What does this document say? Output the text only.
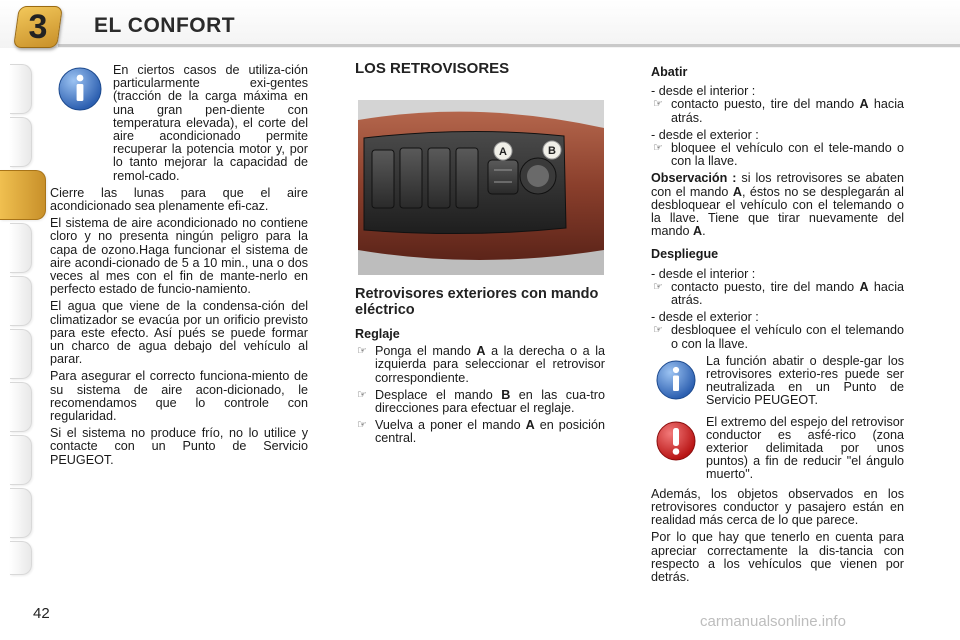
3	EL CONFORT

En ciertos casos de utiliza-ción particularmente exi-gentes (tracción de la carga máxima en una gran pen-diente con temperatura elevada), el corte del aire acondicionado permite recuperar la potencia motor y, por lo tanto mejorar la capacidad de remol-cado.

Cierre las lunas para que el aire acondicionado sea plenamente efi-caz.

El sistema de aire acondicionado no contiene cloro y no presenta ningún peligro para la capa de ozono.Haga funcionar el sistema de aire acondi-cionado de 5 a 10 min., una o dos veces al mes con el fin de mante-nerlo en perfecto estado de funcio-namiento.

El agua que viene de la condensa-ción del climatizador se evacúa por un orificio previsto para este efecto. Así pués se puede formar un charco de agua debajo del vehículo al parar.

Para asegurar el correcto funciona-miento de su sistema de aire acon-dicionado, le recomendamos que lo controle con regularidad.

Si el sistema no produce frío, no lo utilice y contacte con un Punto de Servicio PEUGEOT.

LOS RETROVISORES
A	B
Retrovisores exteriores con mando eléctrico
Reglaje
☞ Ponga el mando A a la derecha o a la izquierda para seleccionar el retrovisor correspondiente.
☞ Desplace el mando B en las cua-tro direcciones para efectuar el reglaje.
☞ Vuelva a poner el mando A en posición central.
Abatir
- desde el interior :
☞ contacto puesto, tire del mando A hacia atrás.
- desde el exterior :
☞ bloquee el vehículo con el tele-mando o con la llave.

Observación : si los retrovisores se abaten con el mando A, éstos no se desplegarán al desbloquear el vehículo con el telemando o la llave. Tiene que tirar nuevamente del mando A.

Despliegue
- desde el interior :
☞ contacto puesto, tire del mando A hacia atrás.
- desde el exterior :
☞ desbloquee el vehículo con el telemando o con la llave.

La función abatir o desple-gar los retrovisores exterio-res puede ser neutralizada en un Punto de Servicio PEUGEOT.

El extremo del espejo del retrovisor conductor es asfé-rico (zona exterior delimitada por unos puntos) a fin de reducir "el ángulo muerto".

Además, los objetos observados en los retrovisores conductor y pasajero están en realidad más cerca de lo que parece.

Por lo que hay que tenerlo en cuenta para apreciar correctamente la dis-tancia con respecto a los vehículos que vienen por detrás.

42	carmanualsonline.info
